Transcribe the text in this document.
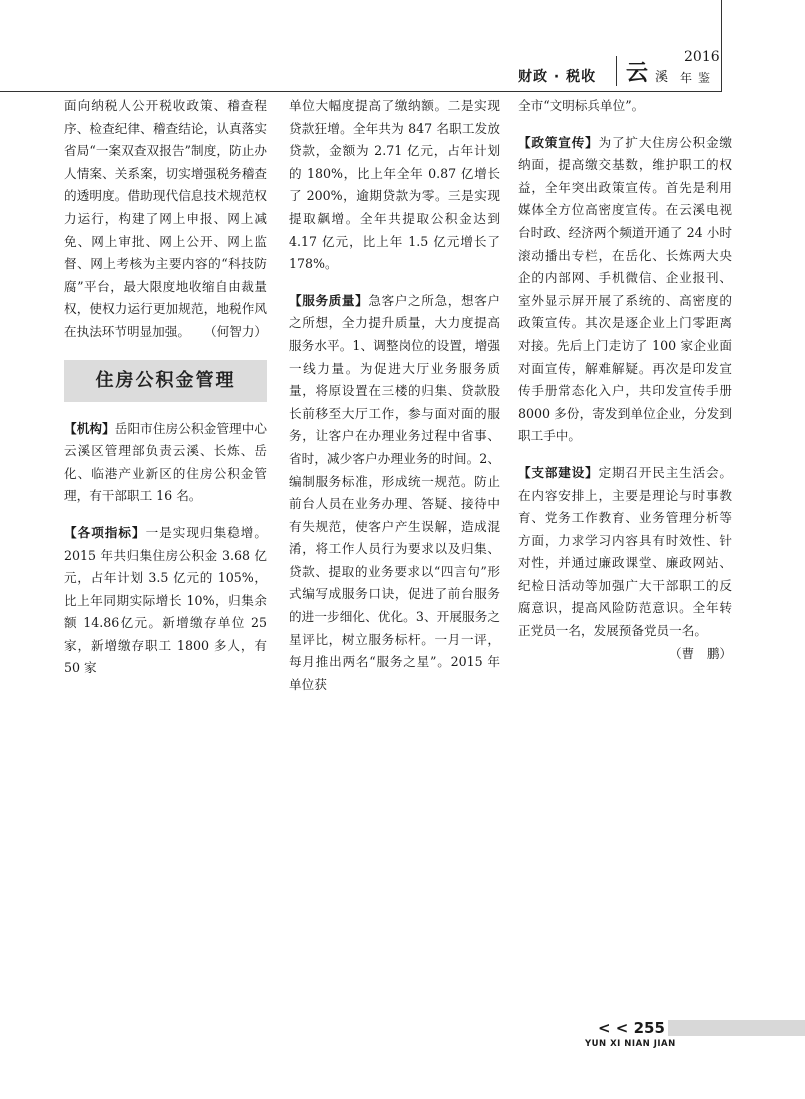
财政 · 税收 云 溪
2016
年鉴

面向纳税人公开税收政策、稽查程序、检查纪律、稽查结论，认真落实省局“一案双查双报告”制度，防止办人情案、关系案，切实增强税务稽查的透明度。借助现代信息技术规范权力运行，构建了网上申报、网上减免、网上审批、网上公开、网上监督、网上考核为主要内容的“科技防腐”平台，最大限度地收缩自由裁量权，使权力运行更加规范，地税作风在执法环节明显加强。 （何智力）

住房公积金管理

【机构】岳阳市住房公积金管理中心云溪区管理部负责云溪、长炼、岳化、临港产业新区的住房公积金管理，有干部职工 16 名。

【各项指标】一是实现归集稳增。2015 年共归集住房公积金 3.68 亿元，占年计划 3.5 亿元的 105%，比上年同期实际增长 10%，归集余额 14.86亿元。新增缴存单位 25家，新增缴存职工 1800 多人，有 50 家

单位大幅度提高了缴纳额。二是实现贷款狂增。全年共为 847 名职工发放贷款，金额为 2.71 亿元，占年计划的 180%，比上年全年 0.87 亿增长了 200%，逾期贷款为零。三是实现提取飙增。全年共提取公积金达到 4.17 亿元，比上年 1.5 亿元增长了 178%。

【服务质量】急客户之所急，想客户之所想，全力提升质量，大力度提高服务水平。1、调整岗位的设置，增强一线力量。为促进大厅业务服务质量，将原设置在三楼的归集、贷款股长前移至大厅工作，参与面对面的服务，让客户在办理业务过程中省事、省时，减少客户办理业务的时间。2、编制服务标准，形成统一规范。防止前台人员在业务办理、答疑、接待中有失规范，使客户产生误解，造成混淆，将工作人员行为要求以及归集、贷款、提取的业务要求以“四言句”形式编写成服务口诀，促进了前台服务的进一步细化、优化。3、开展服务之星评比，树立服务标杆。一月一评，每月推出两名“服务之星”。2015 年单位获

全市“文明标兵单位”。

【政策宣传】为了扩大住房公积金缴纳面，提高缴交基数，维护职工的权益，全年突出政策宣传。首先是利用媒体全方位高密度宣传。在云溪电视台时政、经济两个频道开通了 24 小时滚动播出专栏，在岳化、长炼两大央企的内部网、手机微信、企业报刊、室外显示屏开展了系统的、高密度的政策宣传。其次是逐企业上门零距离对接。先后上门走访了 100 家企业面对面宣传，解难解疑。再次是印发宣传手册常态化入户，共印发宣传手册 8000 多份，寄发到单位企业，分发到职工手中。

【支部建设】定期召开民主生活会。在内容安排上，主要是理论与时事教育、党务工作教育、业务管理分析等方面，力求学习内容具有时效性、针对性，并通过廉政课堂、廉政网站、纪检日活动等加强广大干部职工的反腐意识，提高风险防范意识。全年转正党员一名，发展预备党员一名。
（曹　鹏）

< < 255
YUN XI NIAN JIAN
